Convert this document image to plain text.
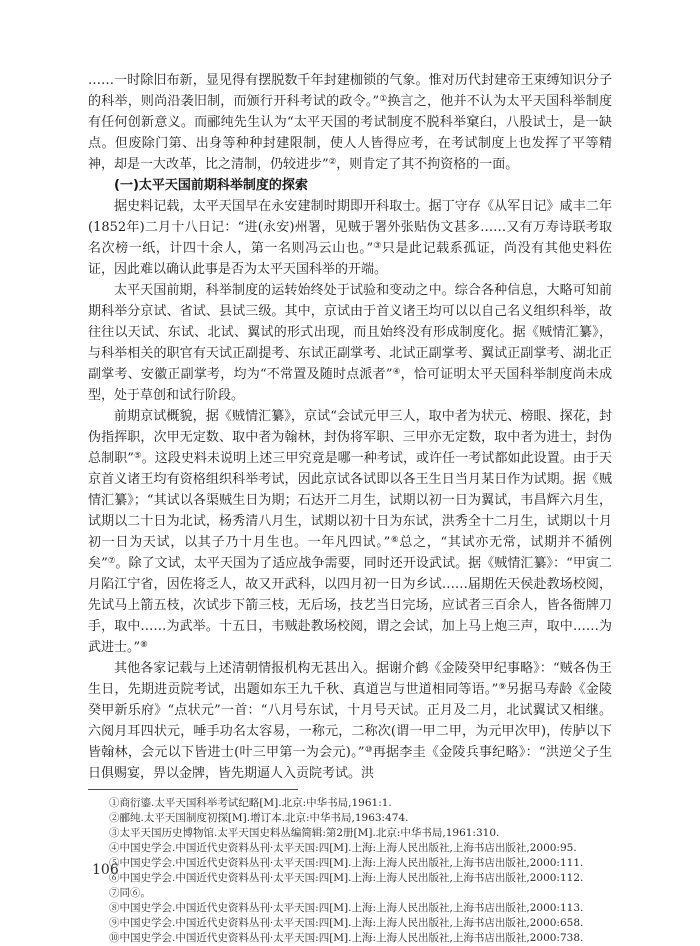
……一时除旧布新，显见得有摆脱数千年封建枷锁的气象。惟对历代封建帝王束缚知识分子的科举，则尚沿袭旧制，而颁行开科考试的政令。”①换言之，他并不认为太平天国科举制度有任何创新意义。而郦纯先生认为“太平天国的考试制度不脱科举窠臼，八股试士，是一缺点。但废除门第、出身等种种封建限制，使人人皆得应考，在考试制度上也发挥了平等精神，却是一大改革，比之清制，仍较进步”②，则肯定了其不拘资格的一面。

(一)太平天国前期科举制度的探索

据史料记载，太平天国早在永安建制时期即开科取士。据丁守存《从军日记》咸丰二年(1852年)二月十八日记：“进(永安)州署，见贼于署外张贴伪文甚多……又有万寿诗联考取名次榜一纸，计四十余人，第一名则冯云山也。”③只是此记载系孤证，尚没有其他史料佐证，因此难以确认此事是否为太平天国科举的开端。

太平天国前期，科举制度的运转始终处于试验和变动之中。综合各种信息，大略可知前期科举分京试、省试、县试三级。其中，京试由于首义诸王均可以以自己名义组织科举，故往往以天试、东试、北试、翼试的形式出现，而且始终没有形成制度化。据《贼情汇纂》，与科举相关的职官有天试正副提考、东试正副掌考、北试正副掌考、翼试正副掌考、湖北正副掌考、安徽正副掌考，均为“不常置及随时点派者”④，恰可证明太平天国科举制度尚未成型，处于草创和试行阶段。

前期京试概貌，据《贼情汇纂》，京试“会试元甲三人，取中者为状元、榜眼、探花，封伪指挥职，次甲无定数、取中者为翰林，封伪将军职、三甲亦无定数，取中者为进士，封伪总制职”⑤。这段史料未说明上述三甲究竟是哪一种考试，或许任一考试都如此设置。由于天京首义诸王均有资格组织科举考试，因此京试各试即以各王生日当月某日作为试期。据《贼情汇纂》；“其试以各渠贼生日为期；石达开二月生，试期以初一日为翼试，韦昌辉六月生，试期以二十日为北试，杨秀清八月生，试期以初十日为东试，洪秀全十二月生，试期以十月初一日为天试，以其子乃十月生也。一年凡四试。”⑥总之，“其试亦无常，试期并不循例矣”⑦。除了文试，太平天国为了适应战争需要，同时还开设武试。据《贼情汇纂》：“甲寅二月陷江宁省，因佐将乏人，故又开武科，以四月初一日为乡试……届期佐天侯赴教场校阅，先试马上箭五枝，次试步下箭三枝，无后场，技艺当日完场，应试者三百余人，皆各衙牌刀手，取中……为武举。十五日，韦贼赴教场校阅，谓之会试，加上马上炮三声，取中……为武进士。”⑧

其他各家记载与上述清朝情报机构无甚出入。据谢介鹤《金陵癸甲纪事略》：“贼各伪王生日，先期进贡院考试，出题如东王九千秋、真道岂与世道相同等语。”⑨另据马寿龄《金陵癸甲新乐府》“点状元”一首：“八月号东试，十月号天试。正月及二月，北试翼试又相继。六阅月耳四状元，唾手功名太容易，一称元，二称次(谓一甲二甲，为元甲次甲)，传胪以下皆翰林，会元以下皆进士(叶三甲第一为会元)。”⑩再据李圭《金陵兵事纪略》：“洪逆父子生日俱赐宴，畀以金牌，皆先期逼人入贡院考试。洪

①商衍鎏.太平天国科举考试纪略[M].北京:中华书局,1961:1.

②郦纯.太平天国制度初探[M].增订本.北京:中华书局,1963:474.

③太平天国历史博物馆.太平天国史料丛编简辑:第2册[M].北京:中华书局,1961:310.

④中国史学会.中国近代史资料丛刊·太平天国:四[M].上海:上海人民出版社,上海书店出版社,2000:95.

⑤中国史学会.中国近代史资料丛刊·太平天国:四[M].上海:上海人民出版社,上海书店出版社,2000:111.

⑥中国史学会.中国近代史资料丛刊·太平天国:四[M].上海:上海人民出版社,上海书店出版社,2000:112.

⑦同⑥。

⑧中国史学会.中国近代史资料丛刊·太平天国:四[M].上海:上海人民出版社,上海书店出版社,2000:113.

⑨中国史学会.中国近代史资料丛刊·太平天国:四[M].上海:上海人民出版社,上海书店出版社,2000:658.

⑩中国史学会.中国近代史资料丛刊·太平天国:四[M].上海:上海人民出版社,上海书店出版社,2000:738.

106
